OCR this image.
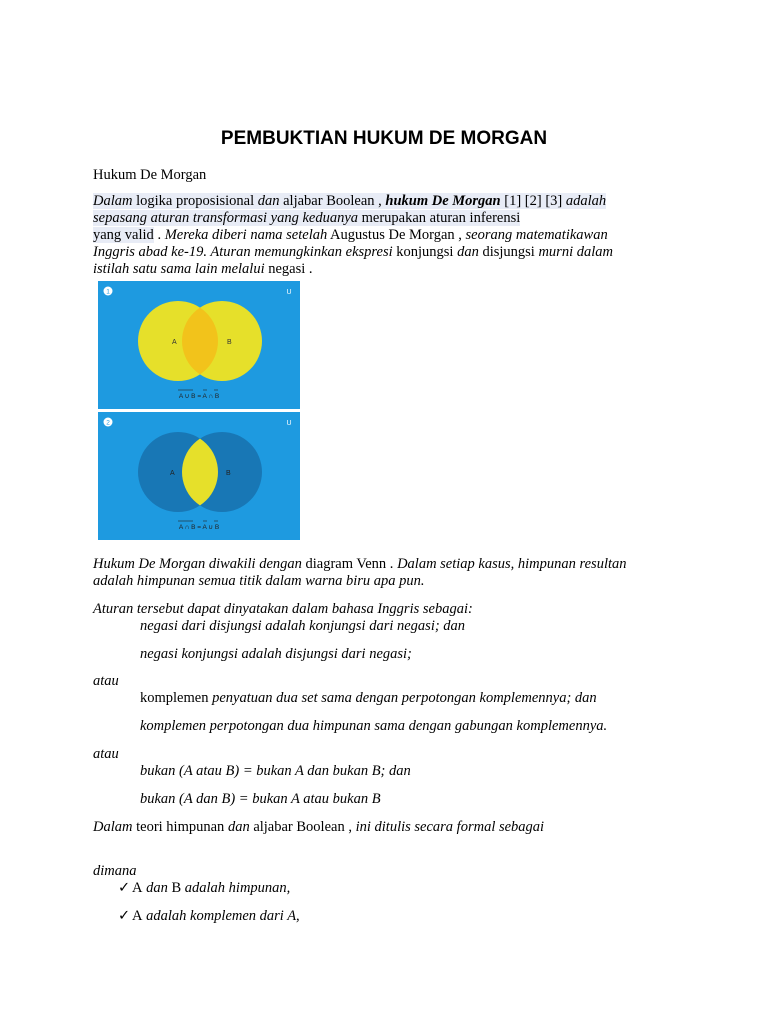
PEMBUKTIAN HUKUM DE MORGAN
Hukum De Morgan
Dalam logika proposisional dan aljabar Boolean , hukum De Morgan [1] [2] [3] adalah
sepasang aturan transformasi yang keduanya merupakan aturan inferensi
yang valid . Mereka diberi nama setelah Augustus De Morgan , seorang matematikawan
Inggris abad ke-19. Aturan memungkinkan ekspresi konjungsi dan disjungsi murni dalam
istilah satu sama lain melalui negasi .
1	U
A	B
A ∪ B = A ∩ B
2	U
A	B
A ∩ B = A ∪ B
Hukum De Morgan diwakili dengan diagram Venn . Dalam setiap kasus, himpunan resultan
adalah himpunan semua titik dalam warna biru apa pun.
Aturan tersebut dapat dinyatakan dalam bahasa Inggris sebagai:
negasi dari disjungsi adalah konjungsi dari negasi; dan
negasi konjungsi adalah disjungsi dari negasi;
atau
komplemen penyatuan dua set sama dengan perpotongan komplemennya; dan
komplemen perpotongan dua himpunan sama dengan gabungan komplemennya.
atau
bukan (A atau B) = bukan A dan bukan B; dan
bukan (A dan B) = bukan A atau bukan B
Dalam teori himpunan dan aljabar Boolean , ini ditulis secara formal sebagai
dimana
✓ A dan B adalah himpunan,
✓ A adalah komplemen dari A,
